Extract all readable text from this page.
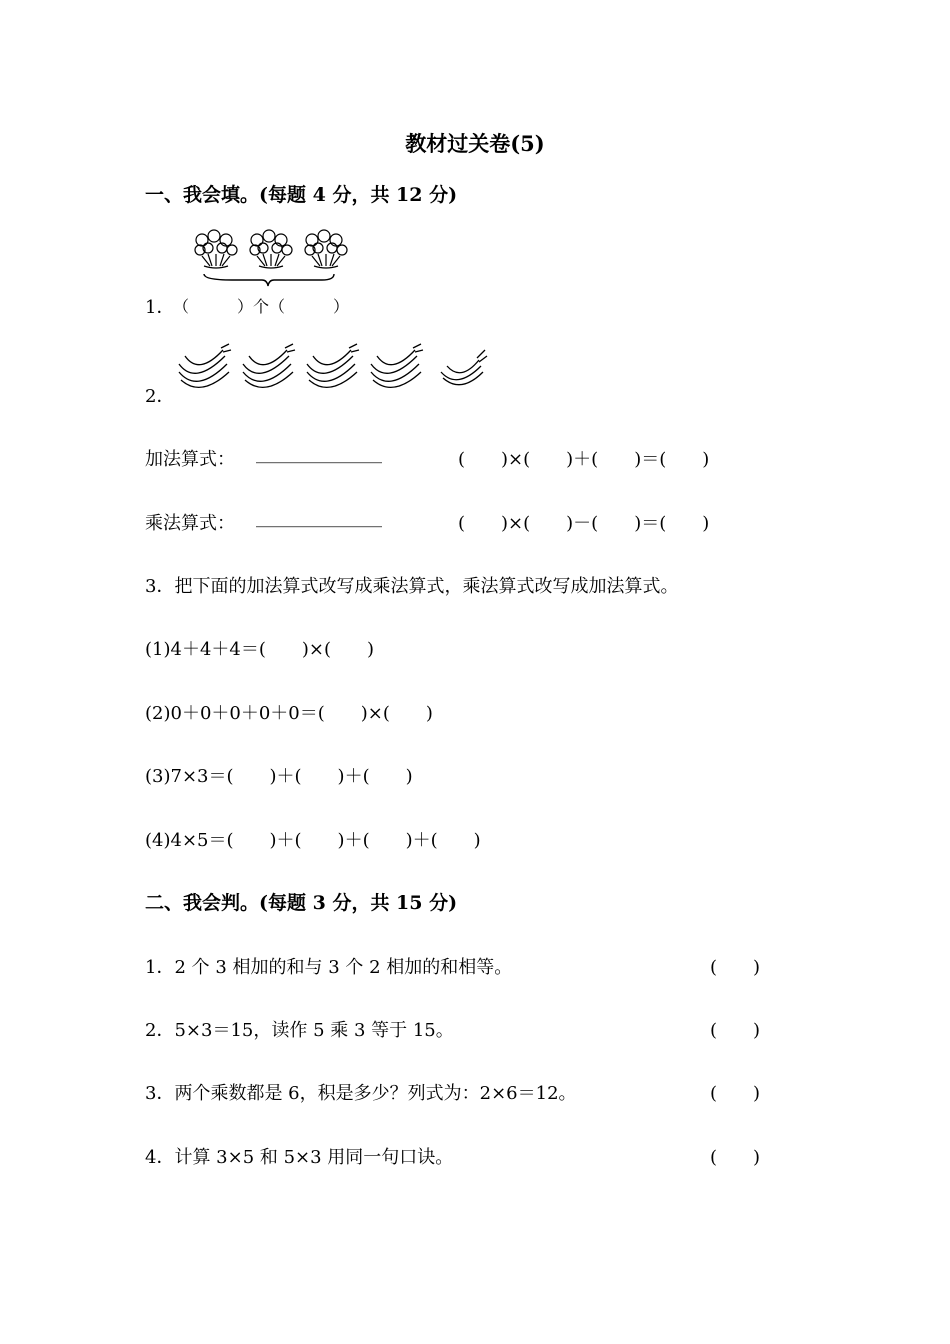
教材过关卷(5)
一、我会填。(每题 4 分，共 12 分)
1．
（　　　）个（　　　）
2．
加法算式： ______________	(　　)×(　　)＋(　　)＝(　　)
乘法算式： ______________	(　　)×(　　)－(　　)＝(　　)
3．把下面的加法算式改写成乘法算式，乘法算式改写成加法算式。
(1)4＋4＋4＝(　　)×(　　)
(2)0＋0＋0＋0＋0＝(　　)×(　　)
(3)7×3＝(　　)＋(　　)＋(　　)
(4)4×5＝(　　)＋(　　)＋(　　)＋(　　)
二、我会判。(每题 3 分，共 15 分)
1．2 个 3 相加的和与 3 个 2 相加的和相等。	(　　)
2．5×3＝15，读作 5 乘 3 等于 15。	(　　)
3．两个乘数都是 6，积是多少？列式为：2×6＝12。	(　　)
4．计算 3×5 和 5×3 用同一句口诀。	(　　)
